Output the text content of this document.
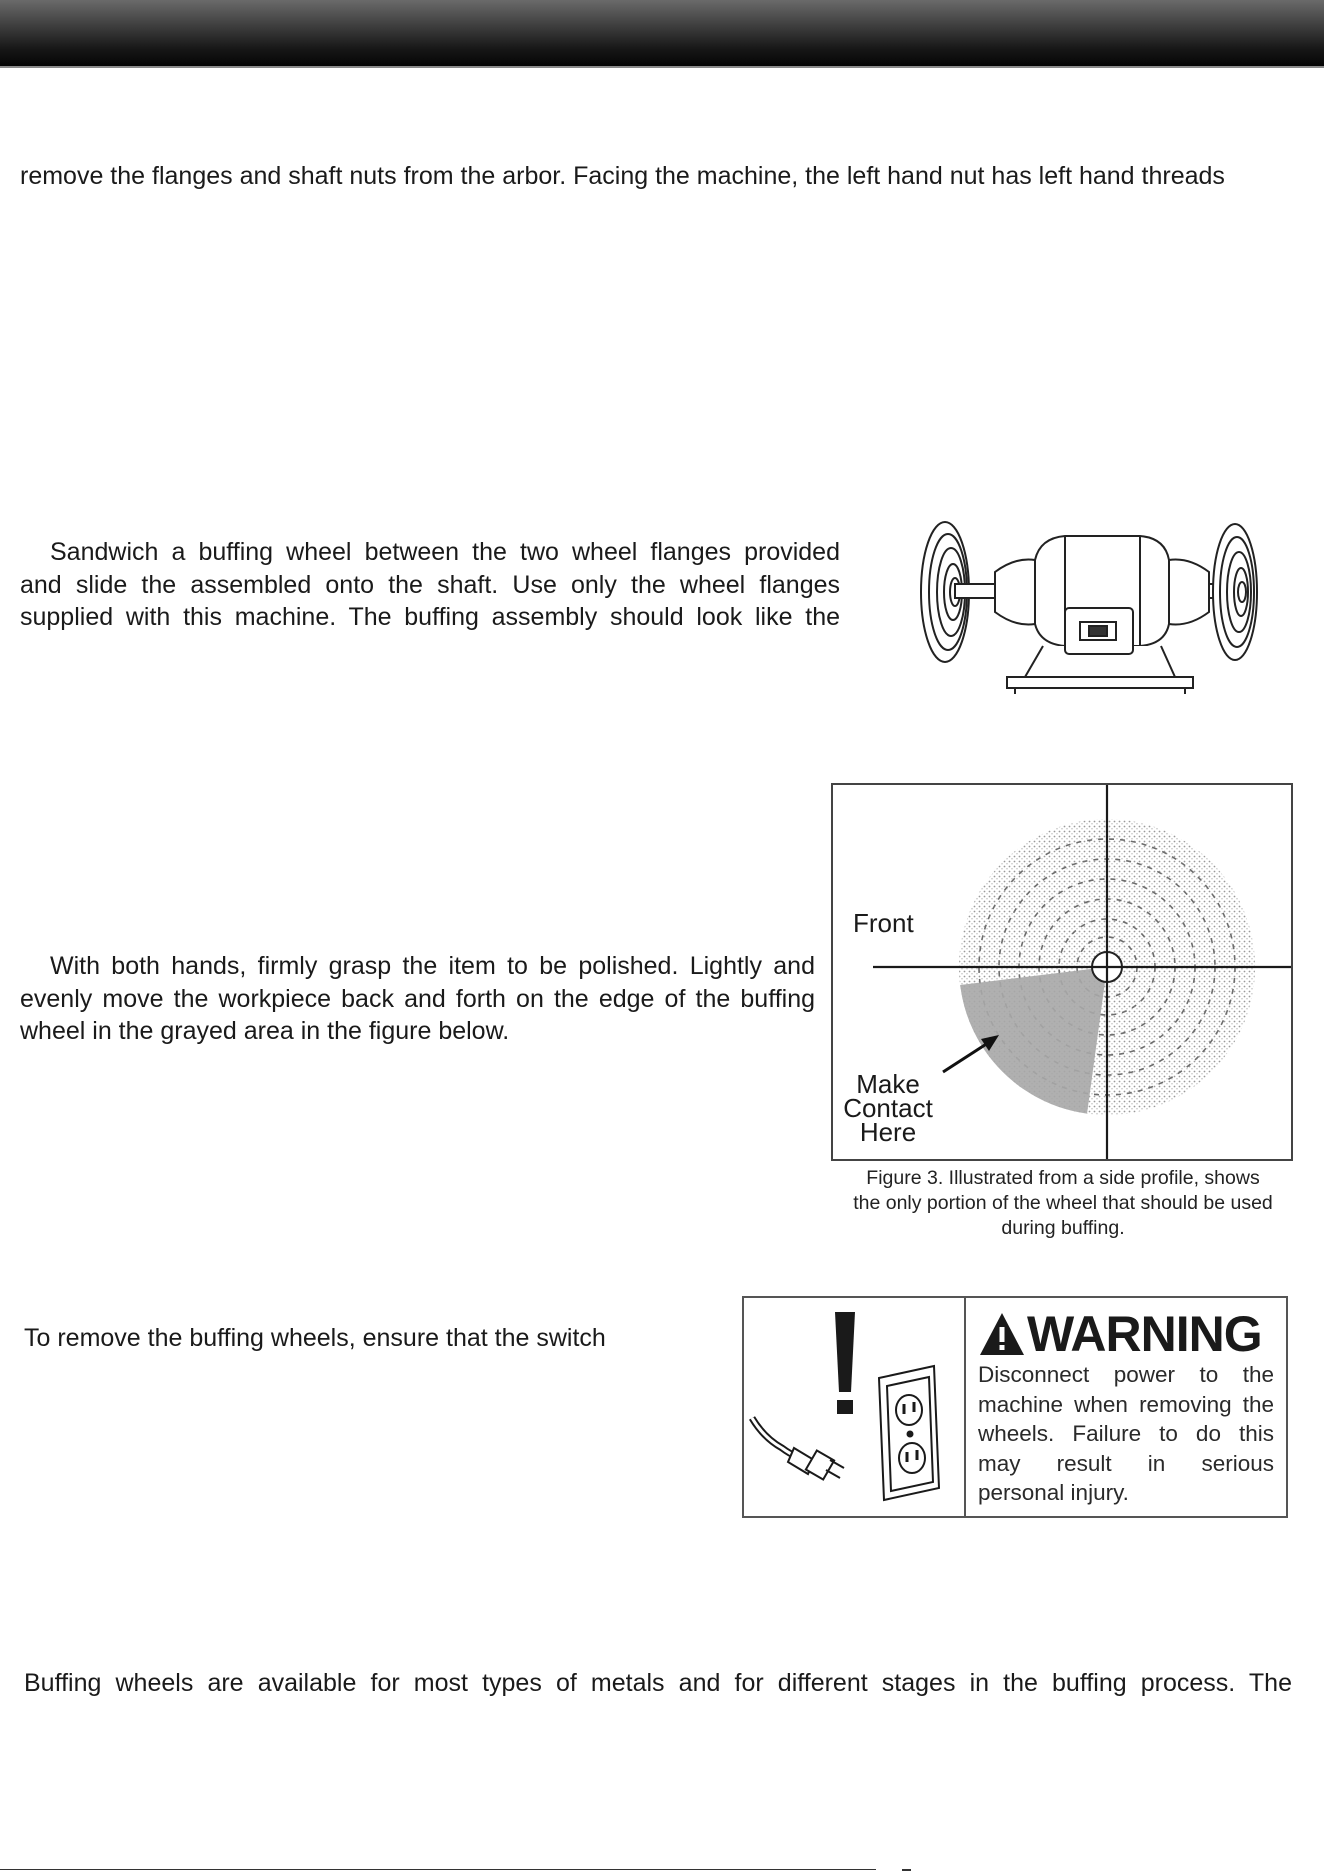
remove the flanges and shaft nuts from the arbor. Facing the machine, the left hand nut has left hand threads

Sandwich a buffing wheel between the two wheel flanges provided
and slide the assembled onto the shaft. Use only the wheel flanges
supplied with this machine. The buffing assembly should look like the
With both hands, firmly grasp the item to be polished. Lightly and
evenly move the workpiece back and forth on the edge of the buffing
wheel in the grayed area in the figure below.
Front
Make
Contact
Here
Figure 3. Illustrated from a side profile, shows
the only portion of the wheel that should be used
during buffing.

To remove the buffing wheels, ensure that the switch	WARNING

Disconnect power to the machine when removing the wheels. Failure to do this may result in serious personal injury.

Buffing wheels are available for most types of metals and for different stages in the buffing process. The
